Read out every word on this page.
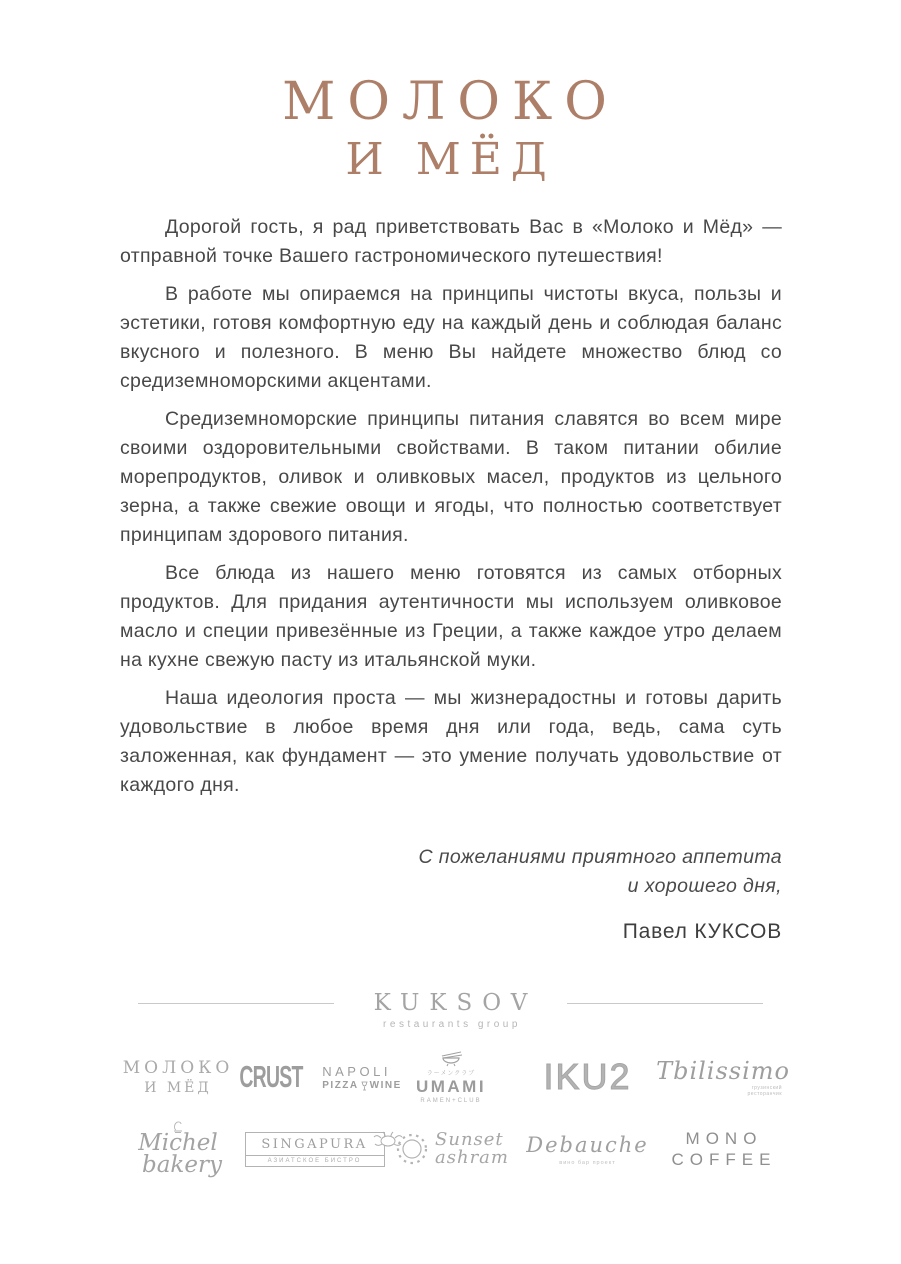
МОЛОКО
И МЁД

Дорогой гость, я рад приветствовать Вас в «Молоко и Мёд» — отправной точке Вашего гастрономического путешествия!

В работе мы опираемся на принципы чистоты вкуса, пользы и эстетики, готовя комфортную еду на каждый день и соблюдая баланс вкусного и полезного. В меню Вы найдете множество блюд со средиземноморскими акцентами.

Средиземноморские принципы питания славятся во всем мире своими оздоровительными свойствами. В таком питании обилие морепродуктов, оливок и оливковых масел, продуктов из цельного зерна, а также свежие овощи и ягоды, что полностью соответствует принципам здорового питания.

Все блюда из нашего меню готовятся из самых отборных продуктов. Для придания аутентичности мы используем оливковое масло и специи привезённые из Греции, а также каждое утро делаем на кухне свежую пасту из итальянской муки.

Наша идеология проста — мы жизнерадостны и готовы дарить удовольствие в любое время дня или года, ведь, сама суть заложенная, как фундамент — это умение получать удовольствие от каждого дня.

С пожеланиями приятного аппетита
и хорошего дня,
Павел КУКСОВ
KUKSOV
restaurants group
МОЛОКО
И МЁД CRUST NAPOLI
PIZZA WINE
ラーメンクラブ
UMAMI
RAMEN+CLUB
IKU2 Tbilissimo
грузинский
ресторанчик
Michel
bakery
SINGAPURA
АЗИАТСКОЕ БИСТРО
Sunset
ashram
Debauche
вино бар проект
MONO
COFFEE
